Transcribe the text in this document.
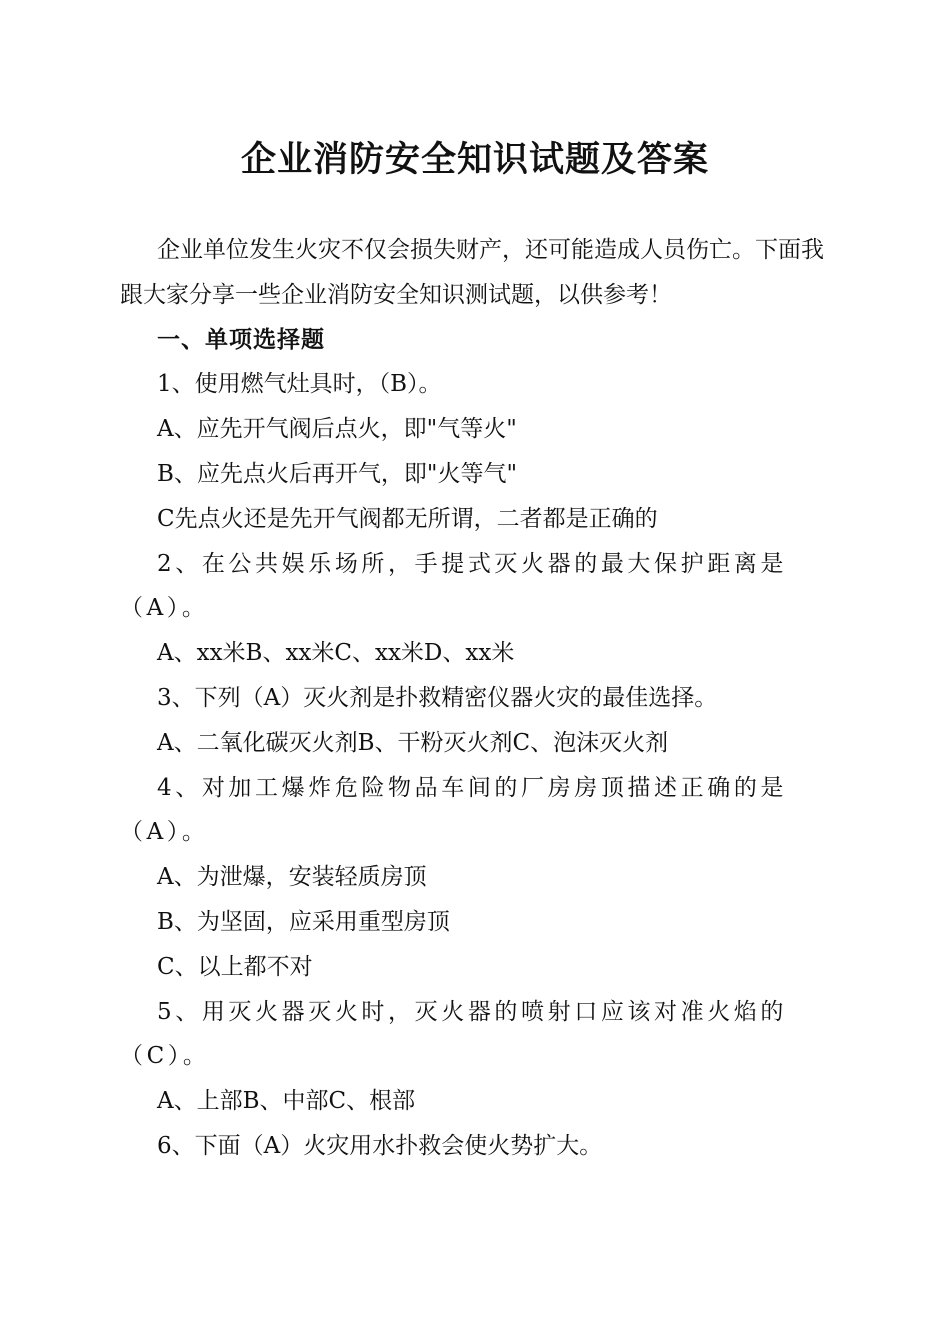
企业消防安全知识试题及答案

企业单位发生火灾不仅会损失财产，还可能造成人员伤亡。下面我跟大家分享一些企业消防安全知识测试题，以供参考！

一、单项选择题

1、使用燃气灶具时，（B）。

A、应先开气阀后点火，即"气等火"

B、应先点火后再开气，即"火等气"

C先点火还是先开气阀都无所谓，二者都是正确的

2、在公共娱乐场所，手提式灭火器的最大保护距离是（A）。

A、xx米B、xx米C、xx米D、xx米

3、下列（A）灭火剂是扑救精密仪器火灾的最佳选择。

A、二氧化碳灭火剂B、干粉灭火剂C、泡沫灭火剂

4、对加工爆炸危险物品车间的厂房房顶描述正确的是（A）。

A、为泄爆，安装轻质房顶

B、为坚固，应采用重型房顶

C、以上都不对

5、用灭火器灭火时，灭火器的喷射口应该对准火焰的（C）。

A、上部B、中部C、根部

6、下面（A）火灾用水扑救会使火势扩大。
